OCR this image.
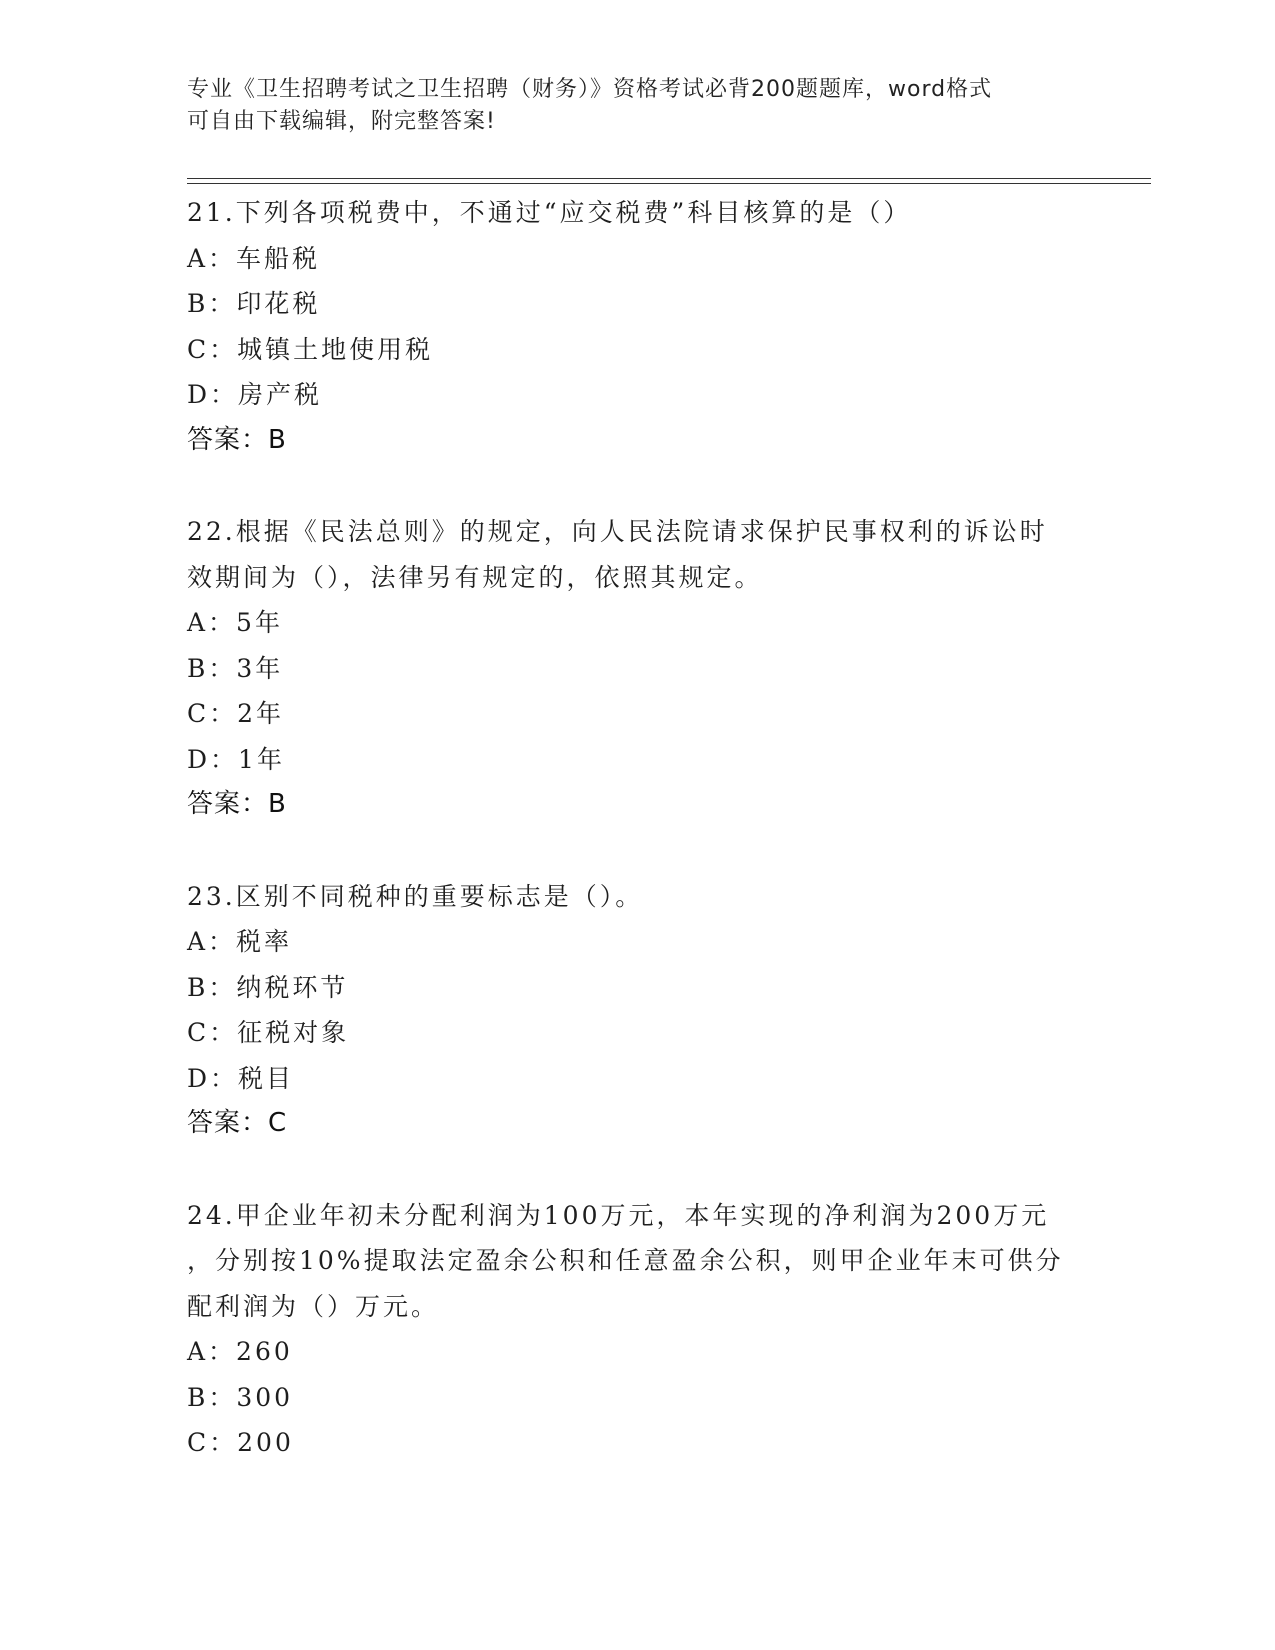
专业《卫生招聘考试之卫生招聘（财务）》资格考试必背200题题库，word格式
可自由下载编辑，附完整答案!
21.下列各项税费中，不通过“应交税费”科目核算的是（）
A：车船税
B：印花税
C：城镇土地使用税
D：房产税
答案：B
22.根据《民法总则》的规定，向人民法院请求保护民事权利的诉讼时
效期间为（），法律另有规定的，依照其规定。
A：5年
B：3年
C：2年
D：1年
答案：B
23.区别不同税种的重要标志是（）。
A：税率
B：纳税环节
C：征税对象
D：税目
答案：C
24.甲企业年初未分配利润为100万元，本年实现的净利润为200万元
，分别按10%提取法定盈余公积和任意盈余公积，则甲企业年末可供分
配利润为（）万元。
A：260
B：300
C：200
